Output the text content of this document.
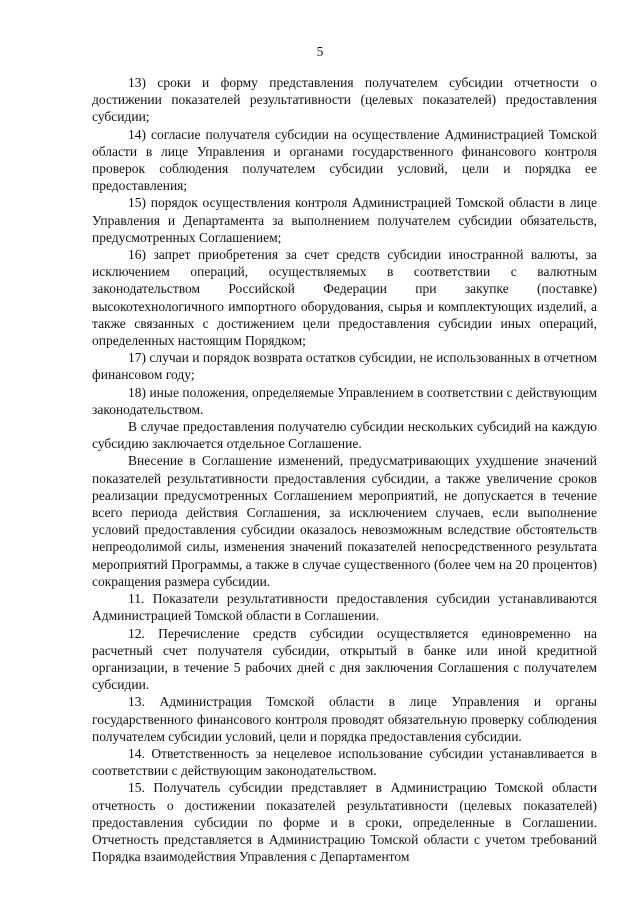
5

13) сроки и форму представления получателем субсидии отчетности о достижении показателей результативности (целевых показателей) предоставления субсидии;

14) согласие получателя субсидии на осуществление Администрацией Томской области в лице Управления и органами государственного финансового контроля проверок соблюдения получателем субсидии условий, цели и порядка ее предоставления;

15) порядок осуществления контроля Администрацией Томской области в лице Управления и Департамента за выполнением получателем субсидии обязательств, предусмотренных Соглашением;

16) запрет приобретения за счет средств субсидии иностранной валюты, за исключением операций, осуществляемых в соответствии с валютным законодательством Российской Федерации при закупке (поставке) высокотехнологичного импортного оборудования, сырья и комплектующих изделий, а также связанных с достижением цели предоставления субсидии иных операций, определенных настоящим Порядком;

17) случаи и порядок возврата остатков субсидии, не использованных в отчетном финансовом году;

18) иные положения, определяемые Управлением в соответствии с действующим законодательством.

В случае предоставления получателю субсидии нескольких субсидий на каждую субсидию заключается отдельное Соглашение.

Внесение в Соглашение изменений, предусматривающих ухудшение значений показателей результативности предоставления субсидии, а также увеличение сроков реализации предусмотренных Соглашением мероприятий, не допускается в течение всего периода действия Соглашения, за исключением случаев, если выполнение условий предоставления субсидии оказалось невозможным вследствие обстоятельств непреодолимой силы, изменения значений показателей непосредственного результата мероприятий Программы, а также в случае существенного (более чем на 20 процентов) сокращения размера субсидии.

11. Показатели результативности предоставления субсидии устанавливаются Администрацией Томской области в Соглашении.

12. Перечисление средств субсидии осуществляется единовременно на расчетный счет получателя субсидии, открытый в банке или иной кредитной организации, в течение 5 рабочих дней с дня заключения Соглашения с получателем субсидии.

13. Администрация Томской области в лице Управления и органы государственного финансового контроля проводят обязательную проверку соблюдения получателем субсидии условий, цели и порядка предоставления субсидии.

14. Ответственность за нецелевое использование субсидии устанавливается в соответствии с действующим законодательством.

15. Получатель субсидии представляет в Администрацию Томской области отчетность о достижении показателей результативности (целевых показателей) предоставления субсидии по форме и в сроки, определенные в Соглашении. Отчетность представляется в Администрацию Томской области с учетом требований Порядка взаимодействия Управления с Департаментом
